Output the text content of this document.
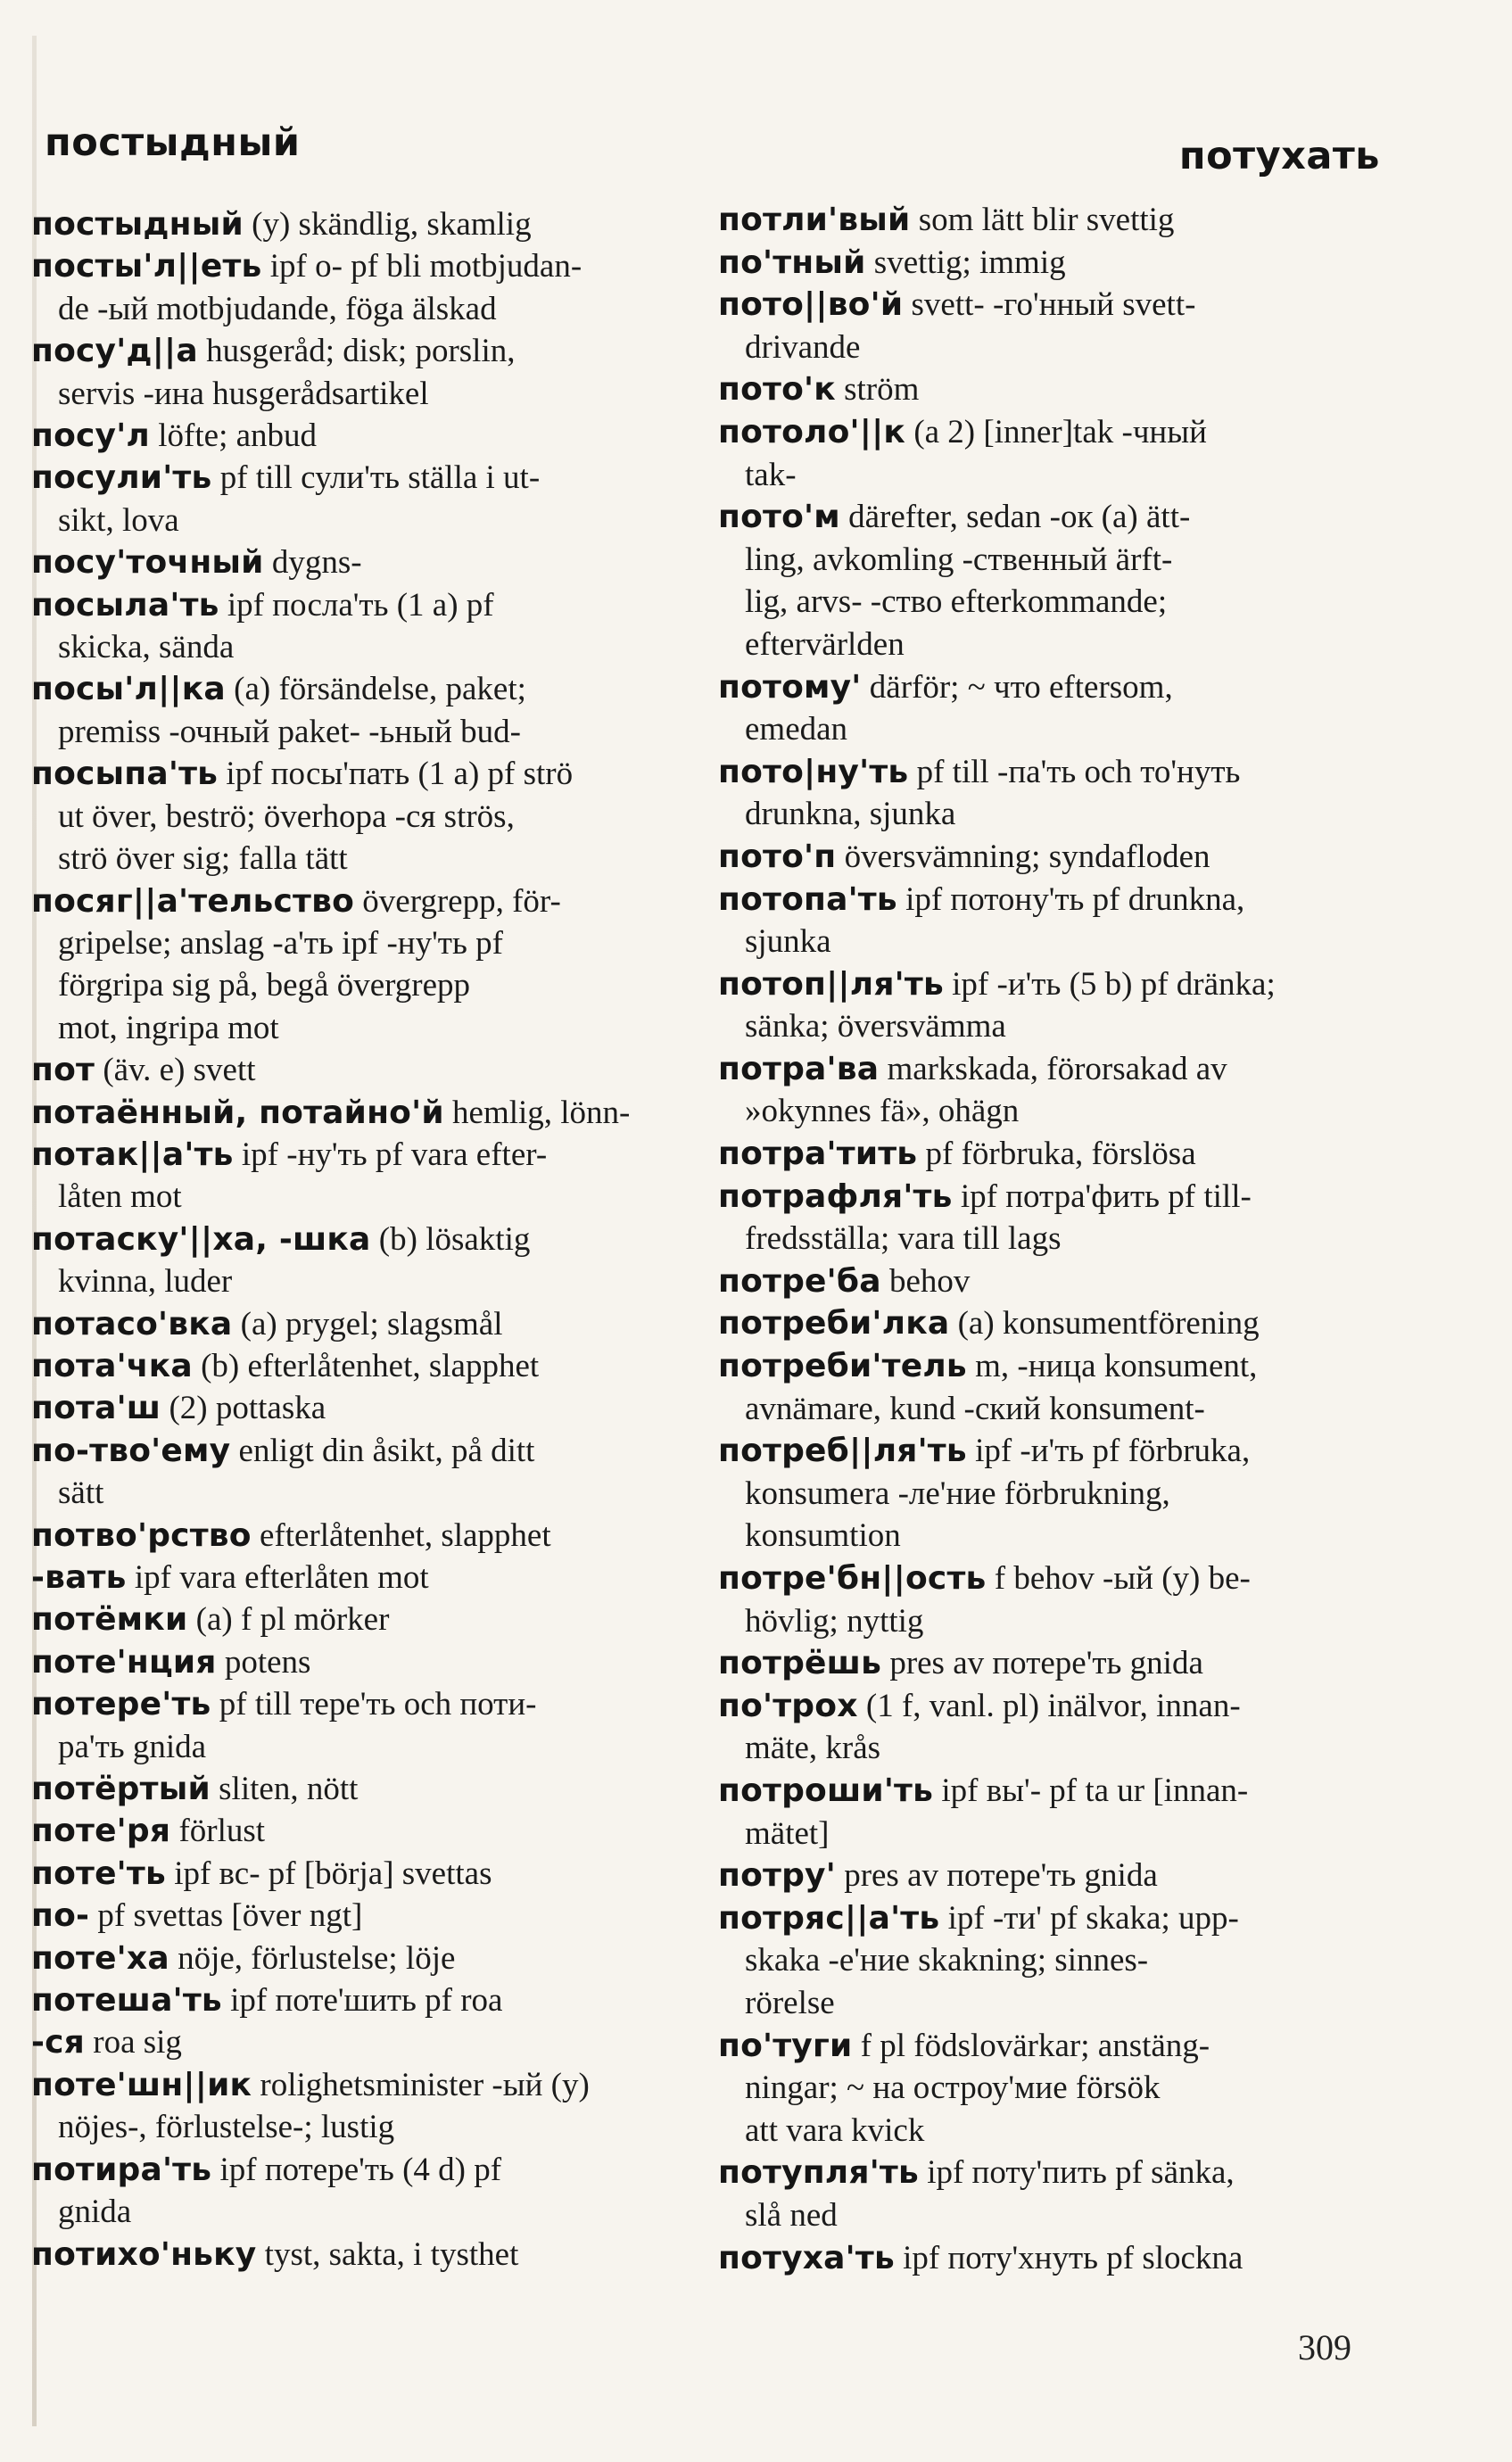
постыдный	потухать
постыдный (y) skändlig, skamlig
посты'л||еть ipf о- pf bli motbjudan-
de -ый motbjudande, föga älskad
посу'д||а husgeråd; disk; porslin,
servis -ина husgerådsartikel
посу'л löfte; anbud
посули'ть pf till сули'ть ställa i ut-
sikt, lova
посу'точный dygns-
посыла'ть ipf посла'ть (1 a) pf
skicka, sända
посы'л||ка (a) försändelse, paket;
premiss -очный paket- -ьный bud-
посыпа'ть ipf посы'пать (1 a) pf strö
ut över, beströ; överhopa -ся strös,
strö över sig; falla tätt
посяг||а'тельство övergrepp, för-
gripelse; anslag -а'ть ipf -ну'ть pf
förgripa sig på, begå övergrepp
mot, ingripa mot
пот (äv. e) svett
потаённый, потайно'й hemlig, lönn-
потак||а'ть ipf -ну'ть pf vara efter-
låten mot
потаску'||ха, -шка (b) lösaktig
kvinna, luder
потасо'вка (a) prygel; slagsmål
пота'чка (b) efterlåtenhet, slapphet
пота'ш (2) pottaska
по-тво'ему enligt din åsikt, på ditt
sätt
потво'рство efterlåtenhet, slapphet
-вать ipf vara efterlåten mot
потёмки (a) f pl mörker
поте'нция potens
потере'ть pf till тере'ть och поти-
ра'ть gnida
потёртый sliten, nött
поте'ря förlust
поте'ть ipf вс- pf [börja] svettas
по- pf svettas [över ngt]
поте'ха nöje, förlustelse; löje
потеша'ть ipf поте'шить pf roa
-ся roa sig
поте'шн||ик rolighetsminister -ый (y)
nöjes-, förlustelse-; lustig
потира'ть ipf потере'ть (4 d) pf
gnida
потихо'ньку tyst, sakta, i tysthet
потли'вый som lätt blir svettig
по'тный svettig; immig
пото||во'й svett- -го'нный svett-
drivande
пото'к ström
потоло'||к (a 2) [inner]tak -чный
tak-
пото'м därefter, sedan -ок (a) ätt-
ling, avkomling -ственный ärft-
lig, arvs- -ство efterkommande;
eftervärlden
потому' därför; ~ что eftersom,
emedan
пото|ну'ть pf till -па'ть och то'нуть
drunkna, sjunka
пото'п översvämning; syndafloden
потопа'ть ipf потону'ть pf drunkna,
sjunka
потоп||ля'ть ipf -и'ть (5 b) pf dränka;
sänka; översvämma
потра'ва markskada, förorsakad av
»okynnes fä», ohägn
потра'тить pf förbruka, förslösa
потрафля'ть ipf потра'фить pf till-
fredsställa; vara till lags
потре'ба behov
потреби'лка (a) konsumentförening
потреби'тель m, -ница konsument,
avnämare, kund -ский konsument-
потреб||ля'ть ipf -и'ть pf förbruka,
konsumera -ле'ние förbrukning,
konsumtion
потре'бн||ость f behov -ый (y) be-
hövlig; nyttig
потрёшь pres av потере'ть gnida
по'трох (1 f, vanl. pl) inälvor, innan-
mäte, krås
потроши'ть ipf вы'- pf ta ur [innan-
mätet]
потру' pres av потере'ть gnida
потряс||а'ть ipf -ти' pf skaka; upp-
skaka -е'ние skakning; sinnes-
rörelse
по'туги f pl födslovärkar; anstäng-
ningar; ~ на остроу'мие försök
att vara kvick
потупля'ть ipf поту'пить pf sänka,
slå ned
потуха'ть ipf поту'хнуть pf slockna
309
